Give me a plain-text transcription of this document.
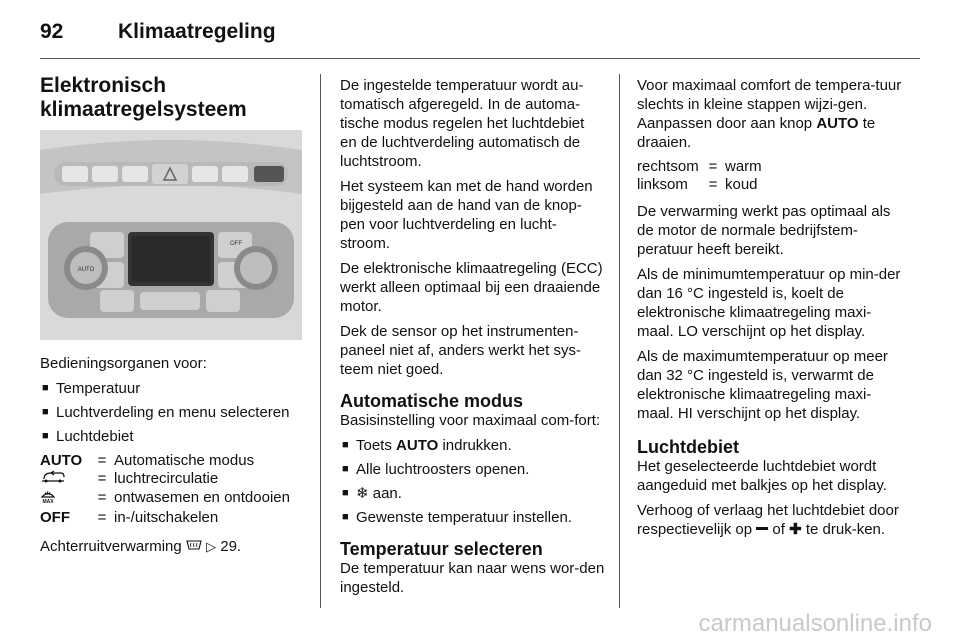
92	Klimaatregeling
Elektronisch
klimaatregelsysteem
AUTO
OFF

Bedieningsorganen voor:

■ Temperatuur
■ Luchtverdeling en menu selecteren
■ Luchtdebiet
AUTO	=	Automatische modus
	=	luchtrecirculatie

MAX	=	ontwasemen en ontdooien
OFF	=	in-/uitschakelen

Achterruitverwarming ▷ 29.

De ingestelde temperatuur wordt au-tomatisch afgeregeld. In de automa-tische modus regelen het luchtdebiet en de luchtverdeling automatisch de luchtstroom.

Het systeem kan met de hand worden bijgesteld aan de hand van de knop-pen voor luchtverdeling en lucht-stroom.

De elektronische klimaatregeling (ECC) werkt alleen optimaal bij een draaiende motor.

Dek de sensor op het instrumenten-paneel niet af, anders werkt het sys-teem niet goed.

Automatische modus

Basisinstelling voor maximaal com-fort:

■ Toets AUTO indrukken.
■ Alle luchtroosters openen.
■ ❄ aan.
■ Gewenste temperatuur instellen.
Temperatuur selecteren

De temperatuur kan naar wens wor-den ingesteld.

Voor maximaal comfort de tempera-tuur slechts in kleine stappen wijzi-gen. Aanpassen door aan knop AUTO te draaien.

rechtsom	=	warm
linksom	=	koud

De verwarming werkt pas optimaal als de motor de normale bedrijfstem-peratuur heeft bereikt.

Als de minimumtemperatuur op min-der dan 16 °C ingesteld is, koelt de elektronische klimaatregeling maxi-maal. LO verschijnt op het display.

Als de maximumtemperatuur op meer dan 32 °C ingesteld is, verwarmt de elektronische klimaatregeling maxi-maal. HI verschijnt op het display.

Luchtdebiet

Het geselecteerde luchtdebiet wordt aangeduid met balkjes op het display.

Verhoog of verlaag het luchtdebiet door respectievelijk op of ✚ te druk-ken.

carmanualsonline.info
